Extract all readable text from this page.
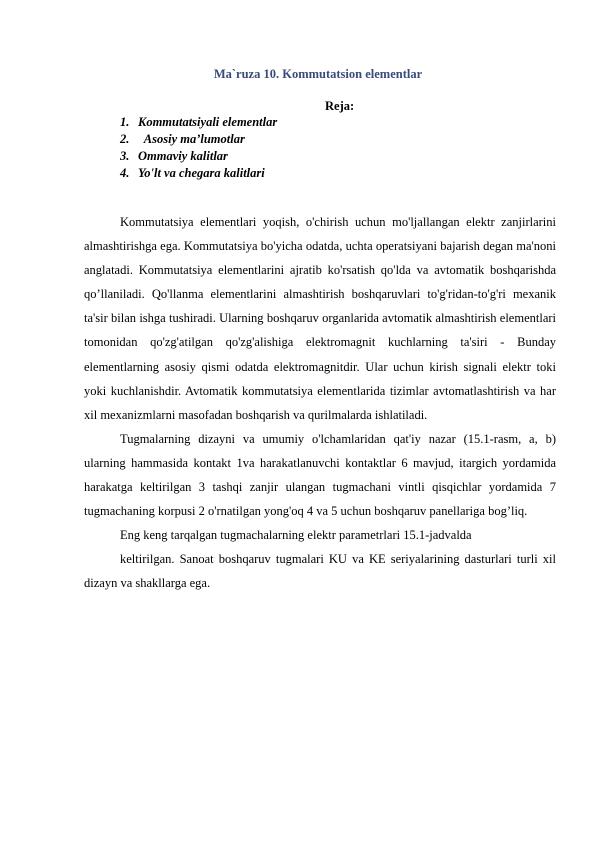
Ma`ruza 10. Kommutatsion elementlar
Reja:
1. Kommutatsiyali elementlar
2.  Asosiy ma’lumotlar
3. Ommaviy kalitlar
4. Yo'lt va chegara kalitlari

Kommutatsiya elementlari yoqish, o'chirish uchun mo'ljallangan elektr zanjirlarini almashtirishga ega. Kommutatsiya bo'yicha odatda, uchta operatsiyani bajarish degan ma'noni anglatadi. Kommutatsiya elementlarini ajratib ko'rsatish qo'lda va avtomatik boshqarishda qo’llaniladi. Qo'llanma elementlarini almashtirish boshqaruvlari to'g'ridan-to'g'ri mexanik ta'sir bilan ishga tushiradi. Ularning boshqaruv organlarida avtomatik almashtirish elementlari tomonidan qo'zg'atilgan qo'zg'alishiga elektromagnit kuchlarning ta'siri - Bunday elementlarning asosiy qismi odatda elektromagnitdir. Ular uchun kirish signali elektr toki yoki kuchlanishdir. Avtomatik kommutatsiya elementlarida tizimlar avtomatlashtirish va har xil mexanizmlarni masofadan boshqarish va qurilmalarda ishlatiladi.

Tugmalarning dizayni va umumiy o'lchamlaridan qat'iy nazar (15.1-rasm, a, b) ularning hammasida kontakt 1va harakatlanuvchi kontaktlar 6 mavjud, itargich yordamida harakatga keltirilgan 3 tashqi zanjir ulangan tugmachani vintli qisqichlar yordamida 7 tugmachaning korpusi 2 o'rnatilgan yong'oq 4 va 5 uchun boshqaruv panellariga bog’liq.

Eng keng tarqalgan tugmachalarning elektr parametrlari 15.1-jadvalda

keltirilgan. Sanoat boshqaruv tugmalari KU va KE seriyalarining dasturlari turli xil dizayn va shakllarga ega.
